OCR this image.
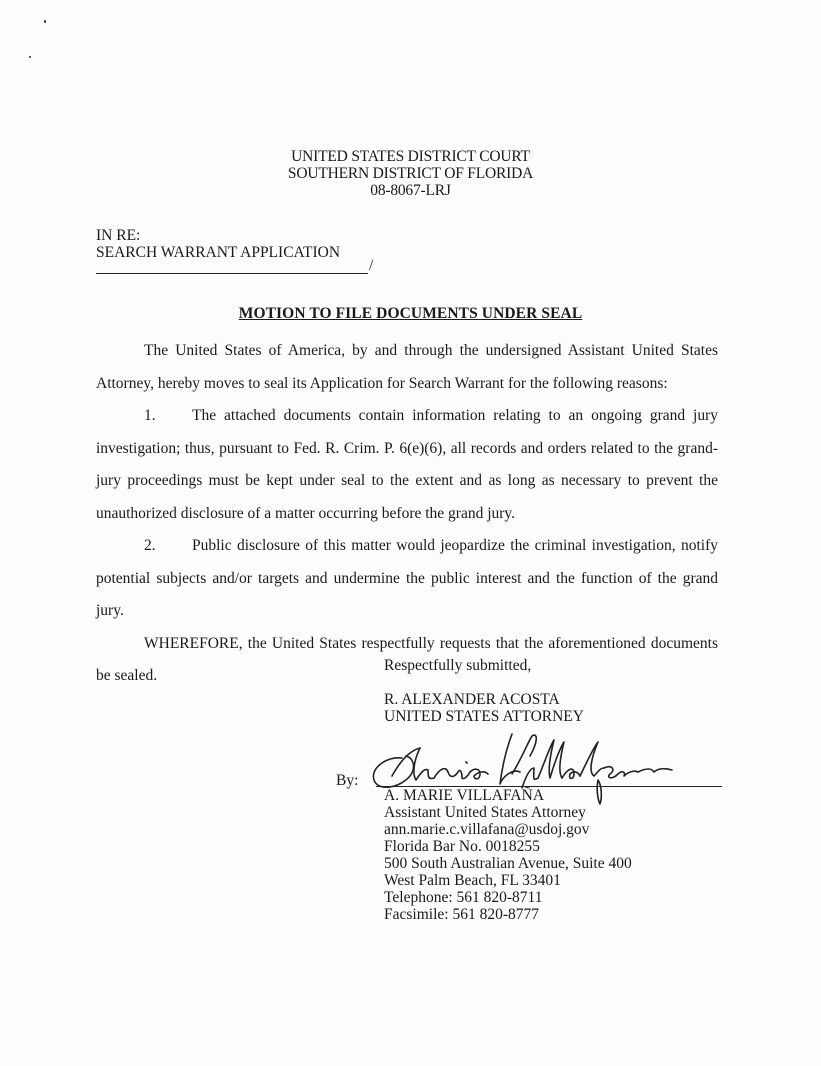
UNITED STATES DISTRICT COURT
SOUTHERN DISTRICT OF FLORIDA
08-8067-LRJ
IN RE:
SEARCH WARRANT APPLICATION
/
MOTION TO FILE DOCUMENTS UNDER SEAL

The United States of America, by and through the undersigned Assistant United States Attorney, hereby moves to seal its Application for Search Warrant for the following reasons:

1. The attached documents contain information relating to an ongoing grand jury investigation; thus, pursuant to Fed. R. Crim. P. 6(e)(6), all records and orders related to the grand-jury proceedings must be kept under seal to the extent and as long as necessary to prevent the unauthorized disclosure of a matter occurring before the grand jury.

2. Public disclosure of this matter would jeopardize the criminal investigation, notify potential subjects and/or targets and undermine the public interest and the function of the grand jury.

WHEREFORE, the United States respectfully requests that the aforementioned documents be sealed.

Respectfully submitted,
R. ALEXANDER ACOSTA
UNITED STATES ATTORNEY
By:
A. MARIE VILLAFAÑA
Assistant United States Attorney
ann.marie.c.villafana@usdoj.gov
Florida Bar No. 0018255
500 South Australian Avenue, Suite 400
West Palm Beach, FL 33401
Telephone: 561 820-8711
Facsimile: 561 820-8777
